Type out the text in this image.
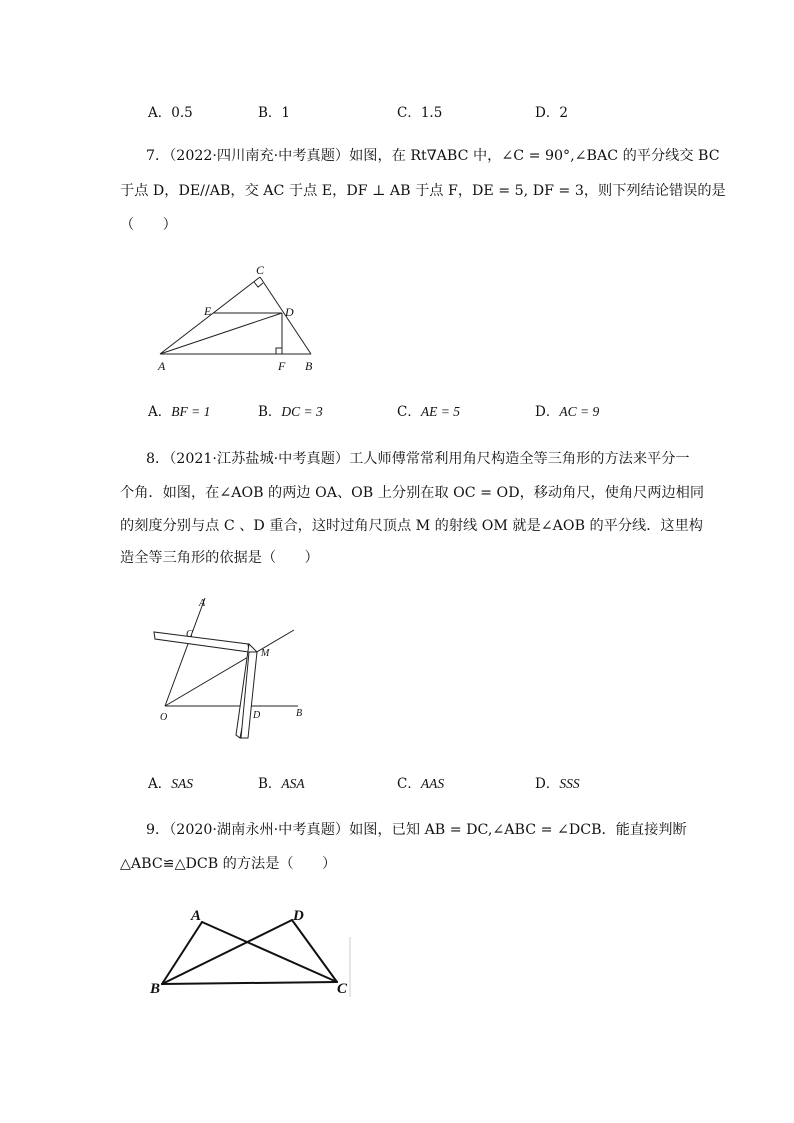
A．0.5	B．1	C．1.5	D．2
7．（2022·四川南充·中考真题）如图，在 Rt∇ABC 中，∠C = 90°,∠BAC 的平分线交 BC
于点 D，DE//AB，交 AC 于点 E，DF ⊥ AB 于点 F，DE = 5, DF = 3，则下列结论错误的是
（　　）
C
E	D
A	F B
A．BF = 1	B．DC = 3	C．AE = 5	D．AC = 9
8．（2021·江苏盐城·中考真题）工人师傅常常利用角尺构造全等三角形的方法来平分一
个角．如图，在∠AOB 的两边 OA、OB 上分别在取 OC = OD，移动角尺，使角尺两边相同
的刻度分别与点 C 、D 重合，这时过角尺顶点 M 的射线 OM 就是∠AOB 的平分线．这里构
造全等三角形的依据是（　　）
A
C
M
O	D	B
A．SAS	B．ASA	C．AAS	D．SSS
9．（2020·湖南永州·中考真题）如图，已知 AB = DC,∠ABC = ∠DCB．能直接判断
△ABC≌△DCB 的方法是（　　）
A	D
B	C
